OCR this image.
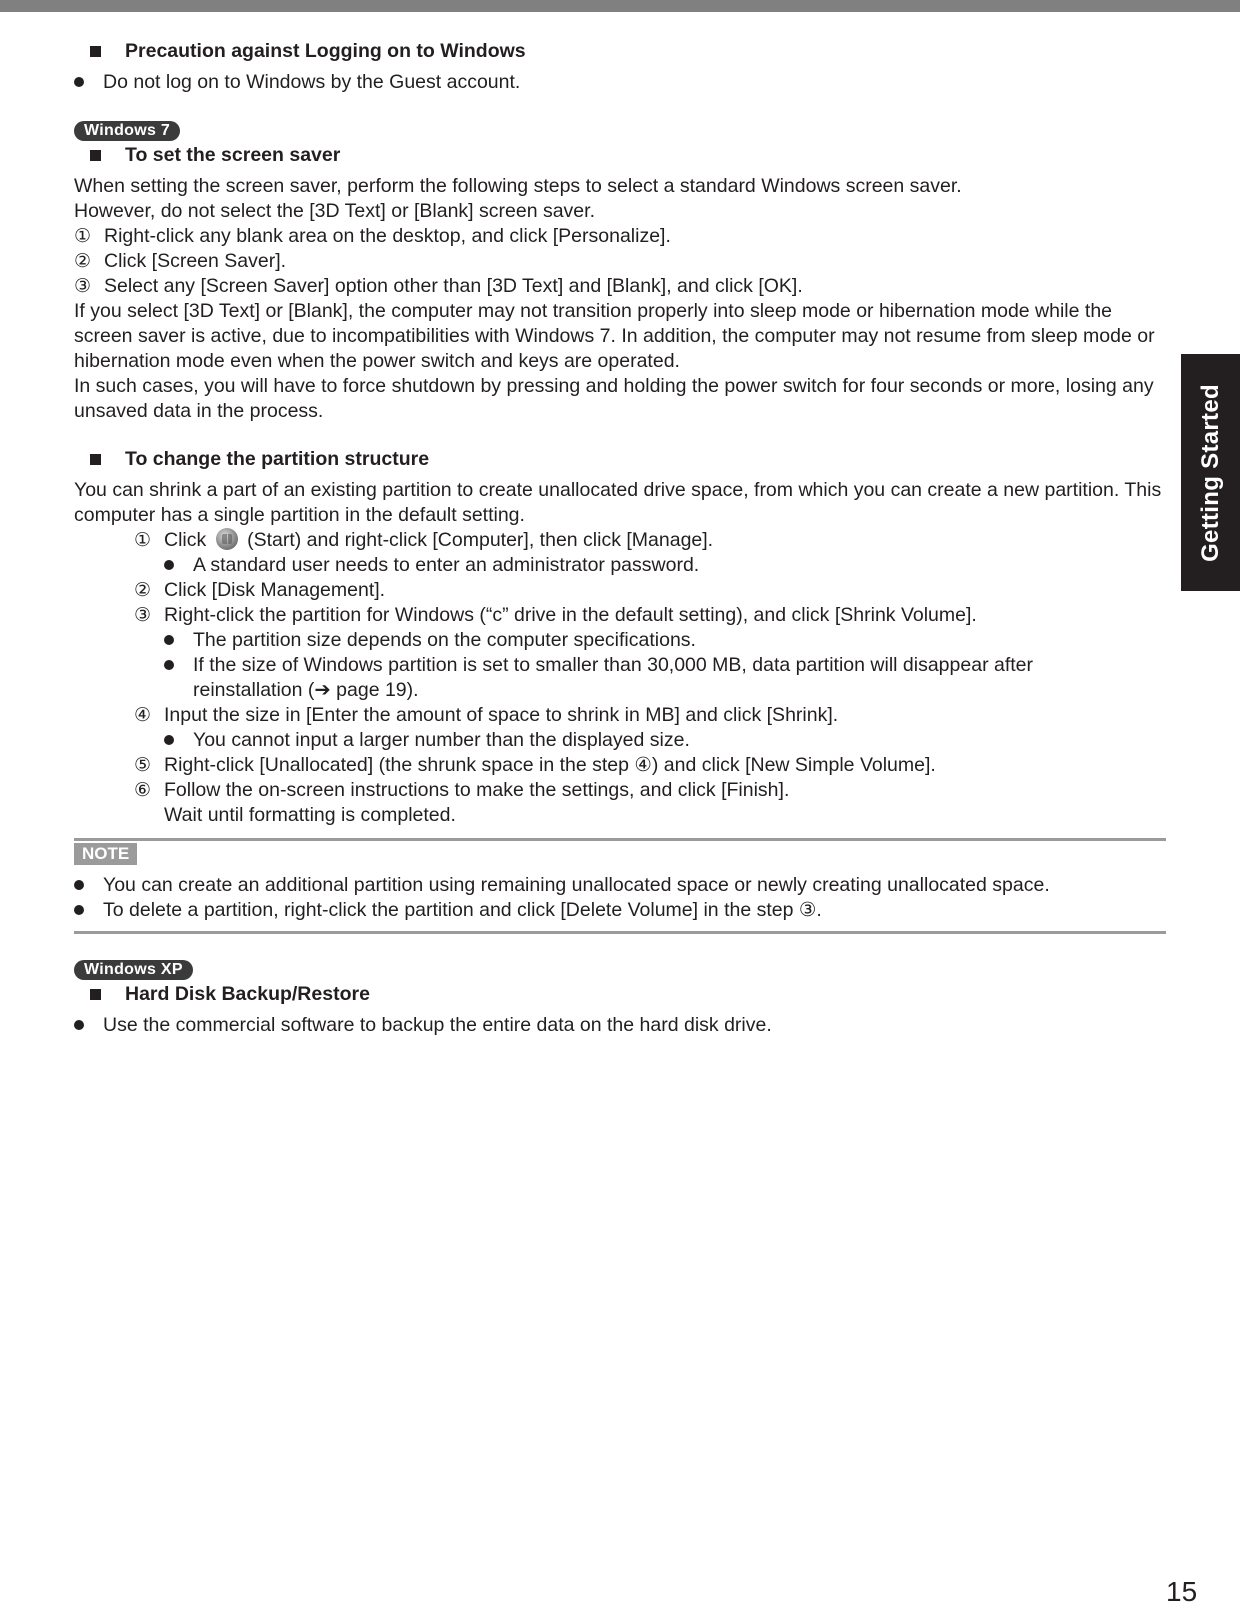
Getting Started
Precaution against Logging on to Windows
Do not log on to Windows by the Guest account.
Windows 7
To set the screen saver

When setting the screen saver, perform the following steps to select a standard Windows screen saver.

However, do not select the [3D Text] or [Blank] screen saver.

① Right-click any blank area on the desktop, and click [Personalize].
② Click [Screen Saver].
③ Select any [Screen Saver] option other than [3D Text] and [Blank], and click [OK].

If you select [3D Text] or [Blank], the computer may not transition properly into sleep mode or hibernation mode while the screen saver is active, due to incompatibilities with Windows 7. In addition, the computer may not resume from sleep mode or hibernation mode even when the power switch and keys are operated.

In such cases, you will have to force shutdown by pressing and holding the power switch for four seconds or more, losing any unsaved data in the process.

To change the partition structure

You can shrink a part of an existing partition to create unallocated drive space, from which you can create a new partition. This computer has a single partition in the default setting.

① Click (Start) and right-click [Computer], then click [Manage].
A standard user needs to enter an administrator password.
② Click [Disk Management].
③ Right-click the partition for Windows (“c” drive in the default setting), and click [Shrink Volume].
The partition size depends on the computer specifications.
If the size of Windows partition is set to smaller than 30,000 MB, data partition will disappear after
reinstallation (➔ page 19).
④ Input the size in [Enter the amount of space to shrink in MB] and click [Shrink].
You cannot input a larger number than the displayed size.
⑤ Right-click [Unallocated] (the shrunk space in the step ④) and click [New Simple Volume].
⑥ Follow the on-screen instructions to make the settings, and click [Finish].
Wait until formatting is completed.
NOTE
You can create an additional partition using remaining unallocated space or newly creating unallocated space.
To delete a partition, right-click the partition and click [Delete Volume] in the step ③.
Windows XP
Hard Disk Backup/Restore
Use the commercial software to backup the entire data on the hard disk drive.
15
